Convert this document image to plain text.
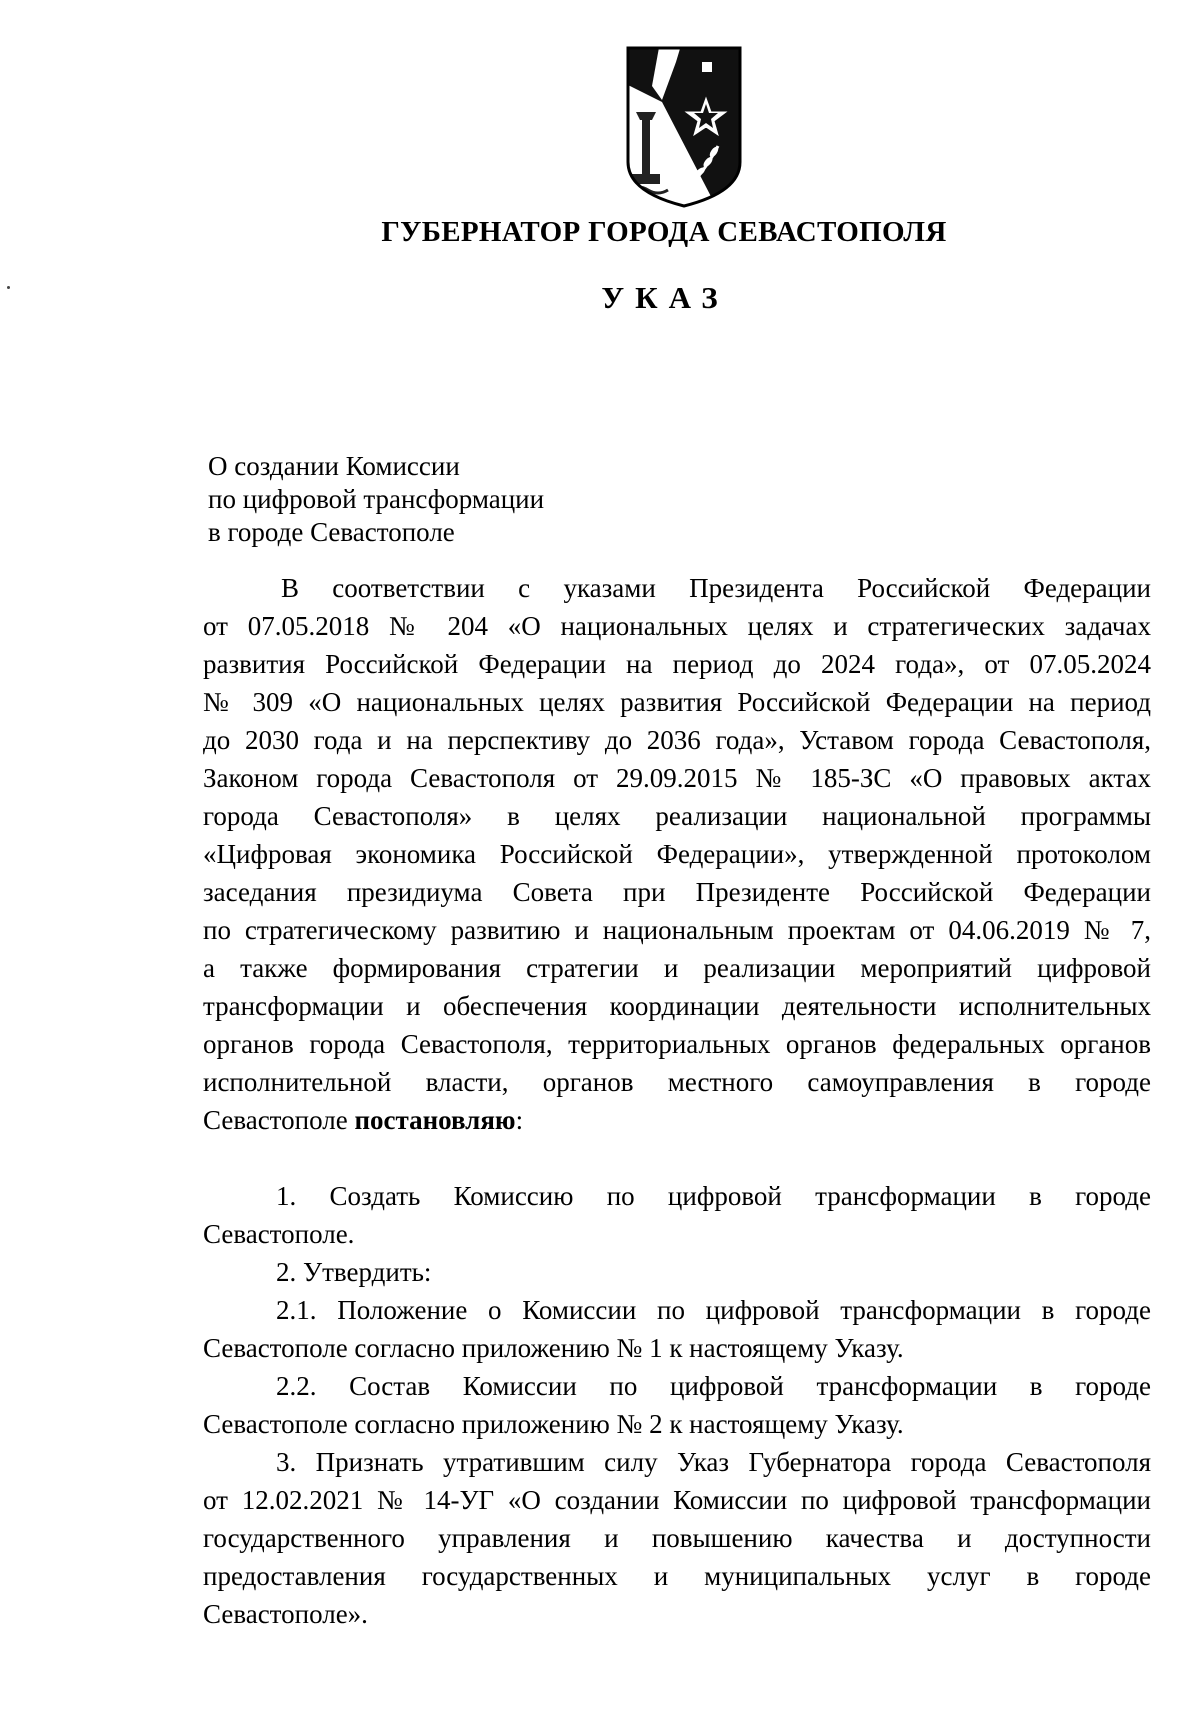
ГУБЕРНАТОР ГОРОДА СЕВАСТОПОЛЯ
УКАЗ
О создании Комиссии
по цифровой трансформации
в городе Севастополе
В соответствии с указами Президента Российской Федерации
от 07.05.2018 № 204 «О национальных целях и стратегических задачах
развития Российской Федерации на период до 2024 года», от 07.05.2024
№ 309 «О национальных целях развития Российской Федерации на период
до 2030 года и на перспективу до 2036 года», Уставом города Севастополя,
Законом города Севастополя от 29.09.2015 № 185-ЗС «О правовых актах
города Севастополя» в целях реализации национальной программы
«Цифровая экономика Российской Федерации», утвержденной протоколом
заседания президиума Совета при Президенте Российской Федерации
по стратегическому развитию и национальным проектам от 04.06.2019 № 7,
а также формирования стратегии и реализации мероприятий цифровой
трансформации и обеспечения координации деятельности исполнительных
органов города Севастополя, территориальных органов федеральных органов
исполнительной власти, органов местного самоуправления в городе
Севастополе постановляю:
1. Создать Комиссию по цифровой трансформации в городе
Севастополе.
2. Утвердить:
2.1. Положение о Комиссии по цифровой трансформации в городе
Севастополе согласно приложению № 1 к настоящему Указу.
2.2. Состав Комиссии по цифровой трансформации в городе
Севастополе согласно приложению № 2 к настоящему Указу.
3. Признать утратившим силу Указ Губернатора города Севастополя
от 12.02.2021 № 14-УГ «О создании Комиссии по цифровой трансформации
государственного управления и повышению качества и доступности
предоставления государственных и муниципальных услуг в городе
Севастополе».
